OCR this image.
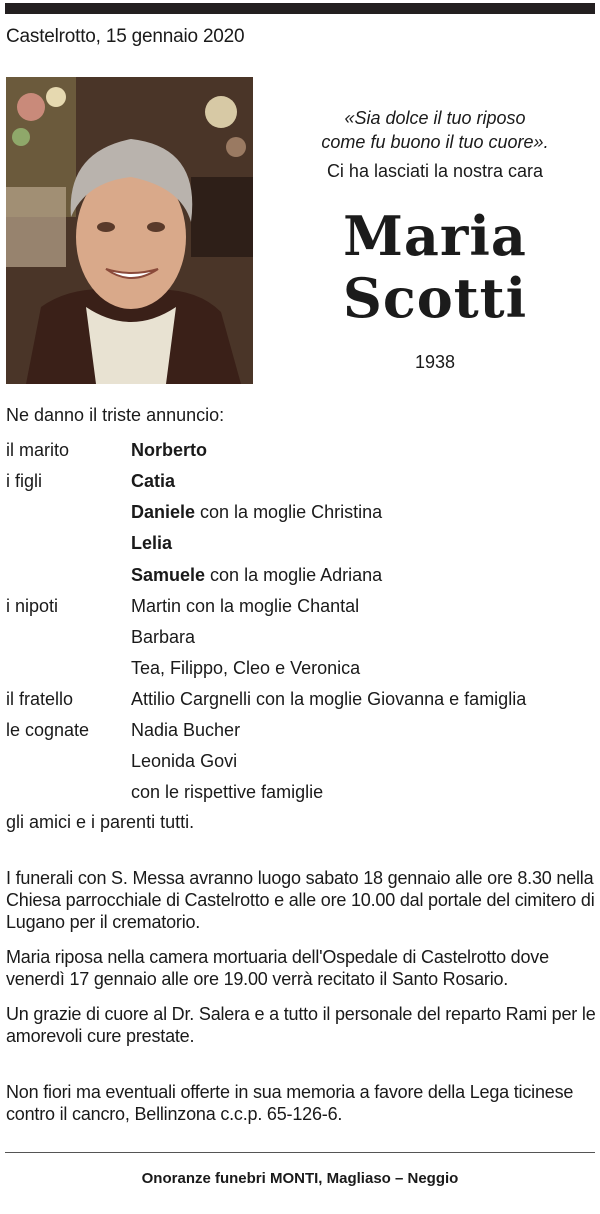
Castelrotto, 15 gennaio 2020
«Sia dolce il tuo riposo
come fu buono il tuo cuore».
Ci ha lasciati la nostra cara
Maria
Scotti
1938
Ne danno il triste annuncio:
il marito	Norberto
i figli	Catia
Daniele con la moglie Christina
Lelia
Samuele con la moglie Adriana
i nipoti	Martin con la moglie Chantal
Barbara
Tea, Filippo, Cleo e Veronica
il fratello	Attilio Cargnelli con la moglie Giovanna e famiglia
le cognate Nadia Bucher
Leonida Govi
con le rispettive famiglie
gli amici e i parenti tutti.
I funerali con S. Messa avranno luogo sabato 18 gennaio alle ore 8.30 nella Chiesa parrocchiale di Castelrotto e alle ore 10.00 dal portale del cimitero di Lugano per il crematorio.
Maria riposa nella camera mortuaria dell'Ospedale di Castelrotto dove venerdì 17 gennaio alle ore 19.00 verrà recitato il Santo Rosario.
Un grazie di cuore al Dr. Salera e a tutto il personale del reparto Rami per le amorevoli cure prestate.
Non fiori ma eventuali offerte in sua memoria a favore della Lega ticinese contro il cancro, Bellinzona c.c.p. 65-126-6.
Onoranze funebri MONTI, Magliaso – Neggio
